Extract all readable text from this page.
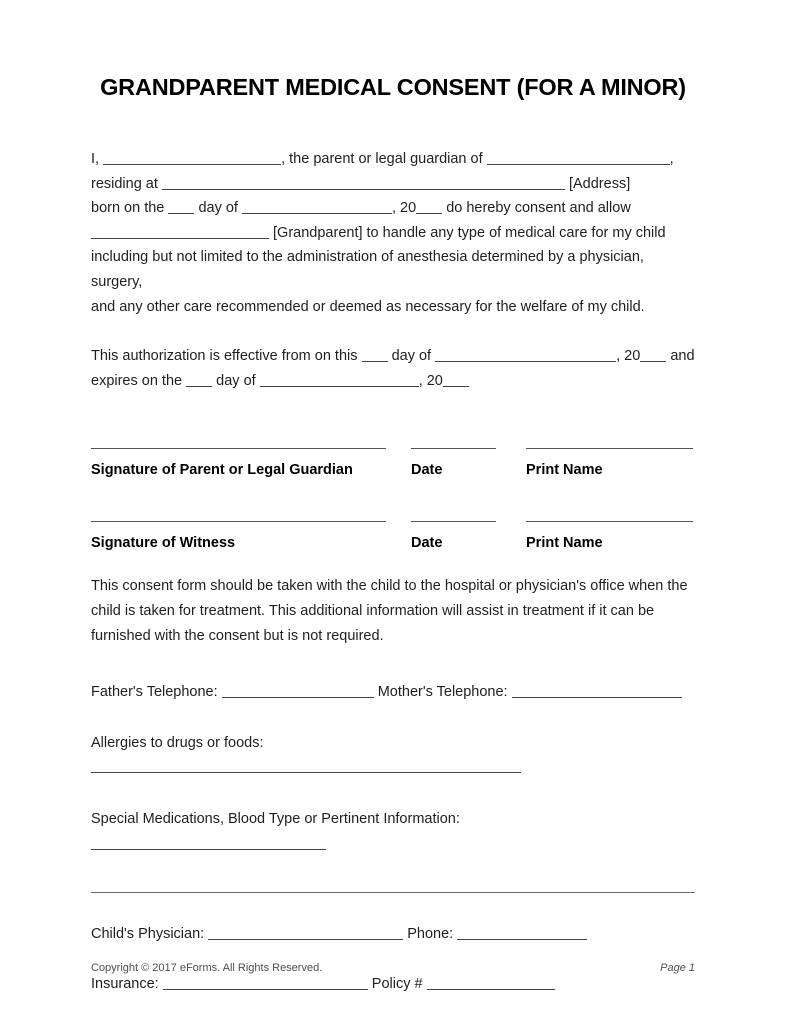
GRANDPARENT MEDICAL CONSENT (FOR A MINOR)
I,	, the parent or legal guardian of	,
residing at	[Address]
born on the day of	, 20 do hereby consent and allow
[Grandparent] to handle any type of medical care for my child
including but not limited to the administration of anesthesia determined by a physician, surgery,
and any other care recommended or deemed as necessary for the welfare of my child.
This authorization is effective from on this day of	, 20 and
expires on the day of	, 20
Signature of Parent or Legal Guardian	Date	Print Name
Signature of Witness	Date	Print Name
This consent form should be taken with the child to the hospital or physician's office when the
child is taken for treatment. This additional information will assist in treatment if it can be
furnished with the consent but is not required.
Father's Telephone:	Mother's Telephone:
Allergies to drugs or foods:
Special Medications, Blood Type or Pertinent Information:
Child's Physician:	Phone:
Insurance:	Policy #
Copyright © 2017 eForms. All Rights Reserved.	Page 1
